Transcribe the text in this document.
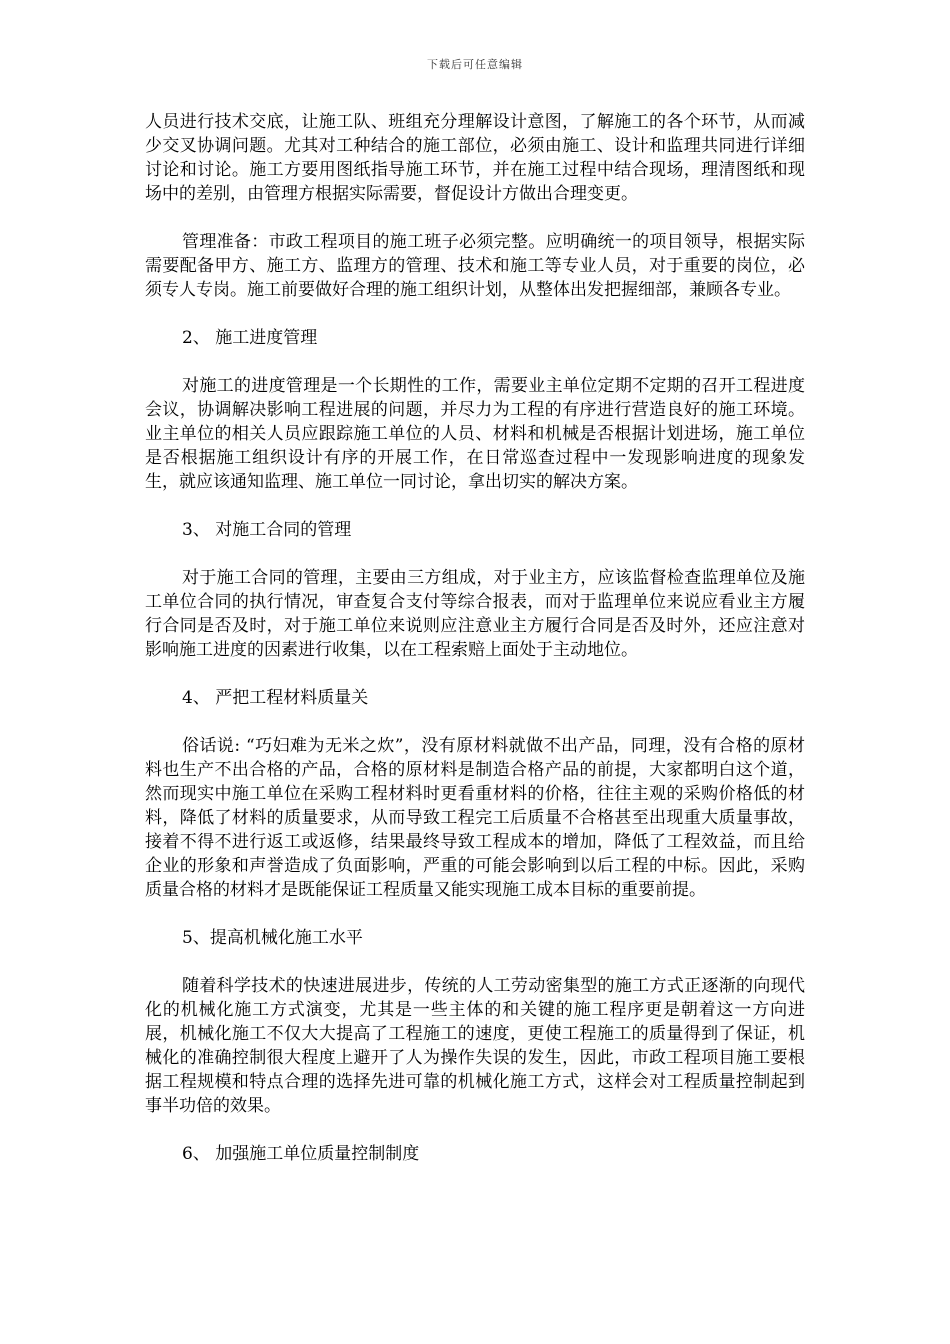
下载后可任意编辑

人员进行技术交底，让施工队、班组充分理解设计意图，了解施工的各个环节，从而减少交叉协调问题。尤其对工种结合的施工部位，必须由施工、设计和监理共同进行详细讨论和讨论。施工方要用图纸指导施工环节，并在施工过程中结合现场，理清图纸和现场中的差别，由管理方根据实际需要，督促设计方做出合理变更。

管理准备：市政工程项目的施工班子必须完整。应明确统一的项目领导，根据实际需要配备甲方、施工方、监理方的管理、技术和施工等专业人员，对于重要的岗位，必须专人专岗。施工前要做好合理的施工组织计划，从整体出发把握细部，兼顾各专业。

2、 施工进度管理

对施工的进度管理是一个长期性的工作，需要业主单位定期不定期的召开工程进度会议，协调解决影响工程进展的问题，并尽力为工程的有序进行营造良好的施工环境。业主单位的相关人员应跟踪施工单位的人员、材料和机械是否根据计划进场，施工单位是否根据施工组织设计有序的开展工作，在日常巡查过程中一发现影响进度的现象发生，就应该通知监理、施工单位一同讨论，拿出切实的解决方案。

3、 对施工合同的管理

对于施工合同的管理，主要由三方组成，对于业主方，应该监督检查监理单位及施工单位合同的执行情况，审查复合支付等综合报表，而对于监理单位来说应看业主方履行合同是否及时，对于施工单位来说则应注意业主方履行合同是否及时外，还应注意对影响施工进度的因素进行收集，以在工程索赔上面处于主动地位。

4、 严把工程材料质量关

俗话说: “巧妇难为无米之炊”，没有原材料就做不出产品，同理，没有合格的原材料也生产不出合格的产品，合格的原材料是制造合格产品的前提，大家都明白这个道，然而现实中施工单位在采购工程材料时更看重材料的价格，往往主观的采购价格低的材料，降低了材料的质量要求，从而导致工程完工后质量不合格甚至出现重大质量事故，接着不得不进行返工或返修，结果最终导致工程成本的增加，降低了工程效益，而且给企业的形象和声誉造成了负面影响，严重的可能会影响到以后工程的中标。因此，采购质量合格的材料才是既能保证工程质量又能实现施工成本目标的重要前提。

5、提高机械化施工水平

随着科学技术的快速进展进步，传统的人工劳动密集型的施工方式正逐渐的向现代化的机械化施工方式演变，尤其是一些主体的和关键的施工程序更是朝着这一方向进展，机械化施工不仅大大提高了工程施工的速度，更使工程施工的质量得到了保证，机械化的准确控制很大程度上避开了人为操作失误的发生，因此，市政工程项目施工要根据工程规模和特点合理的选择先进可靠的机械化施工方式，这样会对工程质量控制起到事半功倍的效果。

6、 加强施工单位质量控制制度
